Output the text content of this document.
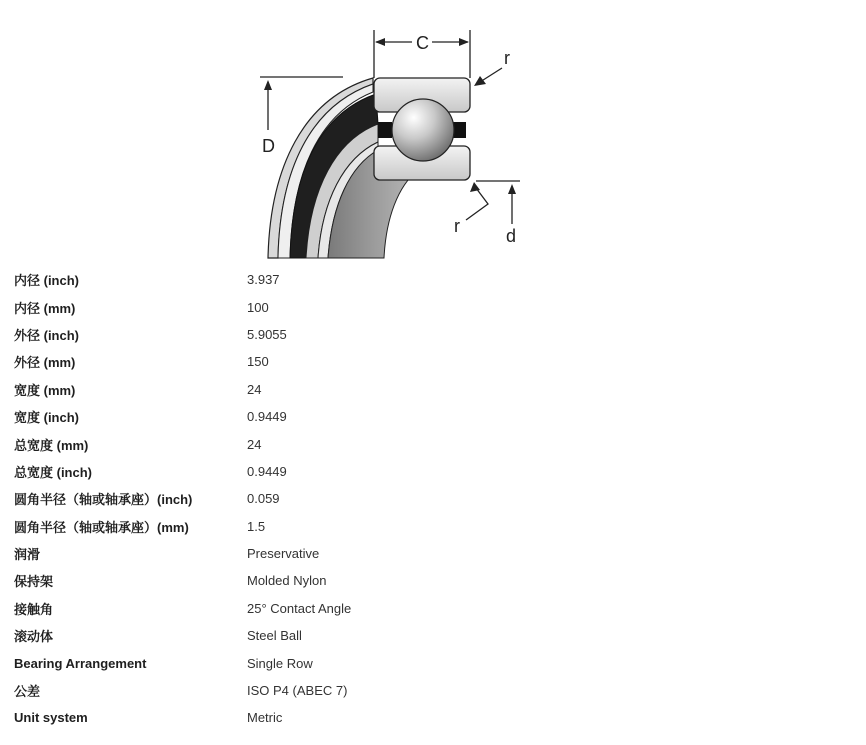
C
r
D
r	d
内径 (inch)	3.937
内径 (mm)	100
外径 (inch)	5.9055
外径 (mm)	150
宽度 (mm)	24
宽度 (inch)	0.9449
总宽度 (mm)	24
总宽度 (inch)	0.9449
圆角半径（轴或轴承座）(inch)	0.059
圆角半径（轴或轴承座）(mm)	1.5
润滑	Preservative
保持架	Molded Nylon
接触角	25° Contact Angle
滚动体	Steel Ball
Bearing Arrangement	Single Row
公差	ISO P4 (ABEC 7)
Unit system	Metric
